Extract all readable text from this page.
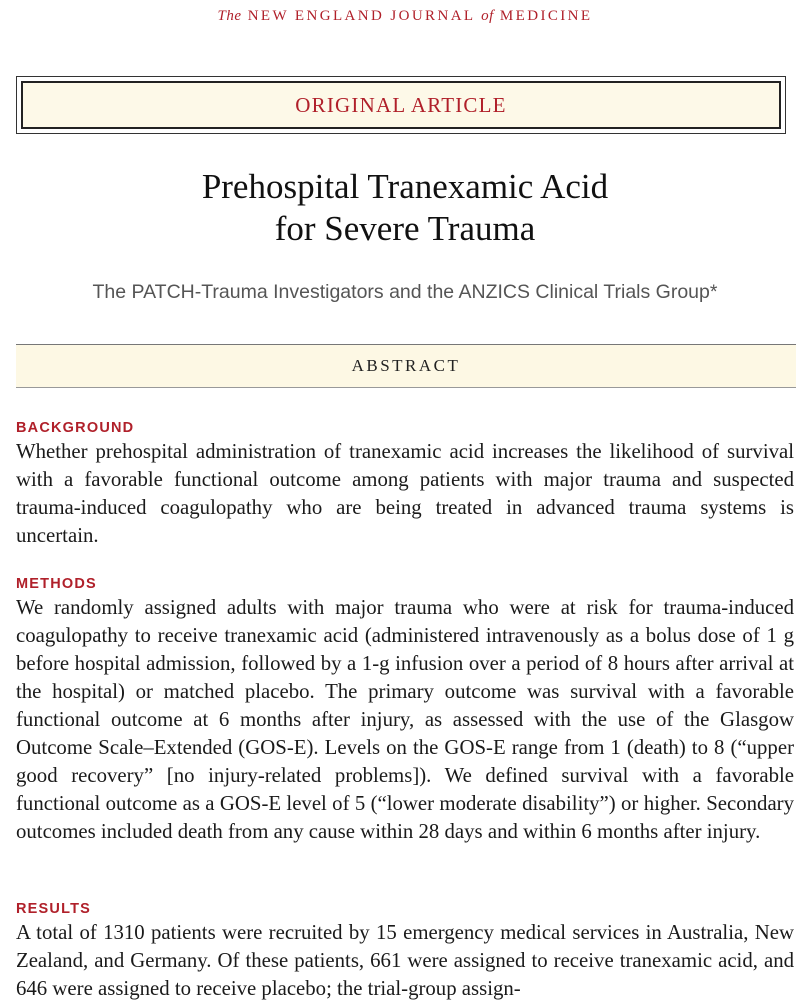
The NEW ENGLAND JOURNAL of MEDICINE
ORIGINAL ARTICLE
Prehospital Tranexamic Acid
for Severe Trauma
The PATCH-Trauma Investigators and the ANZICS Clinical Trials Group*
ABSTRACT
BACKGROUND

Whether prehospital administration of tranexamic acid increases the likelihood of survival with a favorable functional outcome among patients with major trauma and suspected trauma-induced coagulopathy who are being treated in advanced trauma systems is uncertain.

METHODS

We randomly assigned adults with major trauma who were at risk for trauma-induced coagulopathy to receive tranexamic acid (administered intravenously as a bolus dose of 1 g before hospital admission, followed by a 1-g infusion over a period of 8 hours after arrival at the hospital) or matched placebo. The primary outcome was survival with a favorable functional outcome at 6 months after injury, as assessed with the use of the Glasgow Outcome Scale–Extended (GOS-E). Levels on the GOS-E range from 1 (death) to 8 (“upper good recovery” [no injury-related problems]). We defined survival with a favorable functional outcome as a GOS-E level of 5 (“lower moderate disability”) or higher. Secondary outcomes included death from any cause within 28 days and within 6 months after injury.

RESULTS

A total of 1310 patients were recruited by 15 emergency medical services in Australia, New Zealand, and Germany. Of these patients, 661 were assigned to receive tranexamic acid, and 646 were assigned to receive placebo; the trial-group assign-
